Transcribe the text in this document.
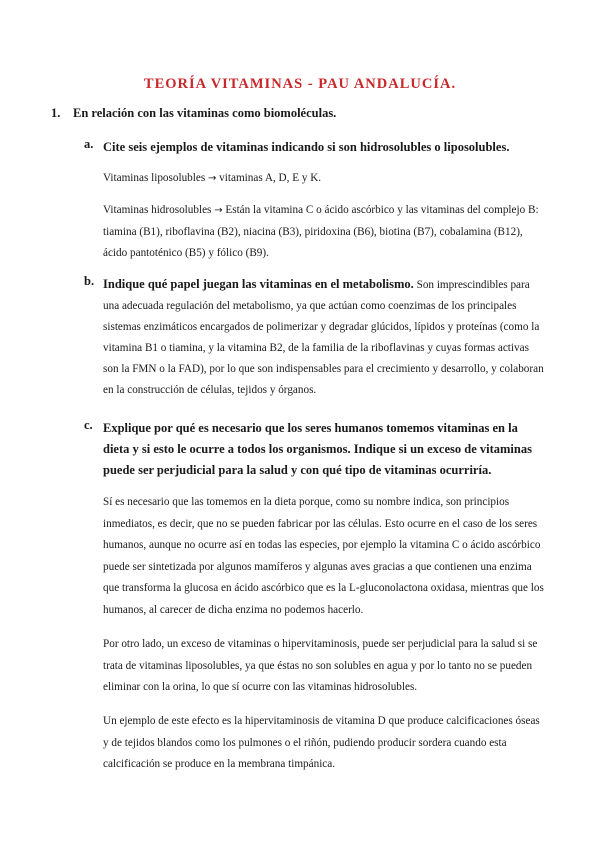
TEORÍA VITAMINAS - PAU ANDALUCÍA.
1. En relación con las vitaminas como biomoléculas.
a. Cite seis ejemplos de vitaminas indicando si son hidrosolubles o liposolubles.
Vitaminas liposolubles → vitaminas A, D, E y K.
Vitaminas hidrosolubles → Están la vitamina C o ácido ascórbico y las vitaminas del complejo B: tiamina (B1), riboflavina (B2), niacina (B3), piridoxina (B6), biotina (B7), cobalamina (B12), ácido pantoténico (B5) y fólico (B9).
b. Indique qué papel juegan las vitaminas en el metabolismo. Son imprescindibles para una adecuada regulación del metabolismo, ya que actúan como coenzimas de los principales sistemas enzimáticos encargados de polimerizar y degradar glúcidos, lípidos y proteínas (como la vitamina B1 o tiamina, y la vitamina B2, de la familia de la riboflavinas y cuyas formas activas son la FMN o la FAD), por lo que son indispensables para el crecimiento y desarrollo, y colaboran en la construcción de células, tejidos y órganos.
c. Explique por qué es necesario que los seres humanos tomemos vitaminas en la dieta y si esto le ocurre a todos los organismos. Indique si un exceso de vitaminas puede ser perjudicial para la salud y con qué tipo de vitaminas ocurriría.
Sí es necesario que las tomemos en la dieta porque, como su nombre indica, son principios inmediatos, es decir, que no se pueden fabricar por las células. Esto ocurre en el caso de los seres humanos, aunque no ocurre así en todas las especies, por ejemplo la vitamina C o ácido ascórbico puede ser sintetizada por algunos mamíferos y algunas aves gracias a que contienen una enzima que transforma la glucosa en ácido ascórbico que es la L-gluconolactona oxidasa, mientras que los humanos, al carecer de dicha enzima no podemos hacerlo.
Por otro lado, un exceso de vitaminas o hipervitaminosis, puede ser perjudicial para la salud si se trata de vitaminas liposolubles, ya que éstas no son solubles en agua y por lo tanto no se pueden eliminar con la orina, lo que sí ocurre con las vitaminas hidrosolubles.
Un ejemplo de este efecto es la hipervitaminosis de vitamina D que produce calcificaciones óseas y de tejidos blandos como los pulmones o el riñón, pudiendo producir sordera cuando esta calcificación se produce en la membrana timpánica.
